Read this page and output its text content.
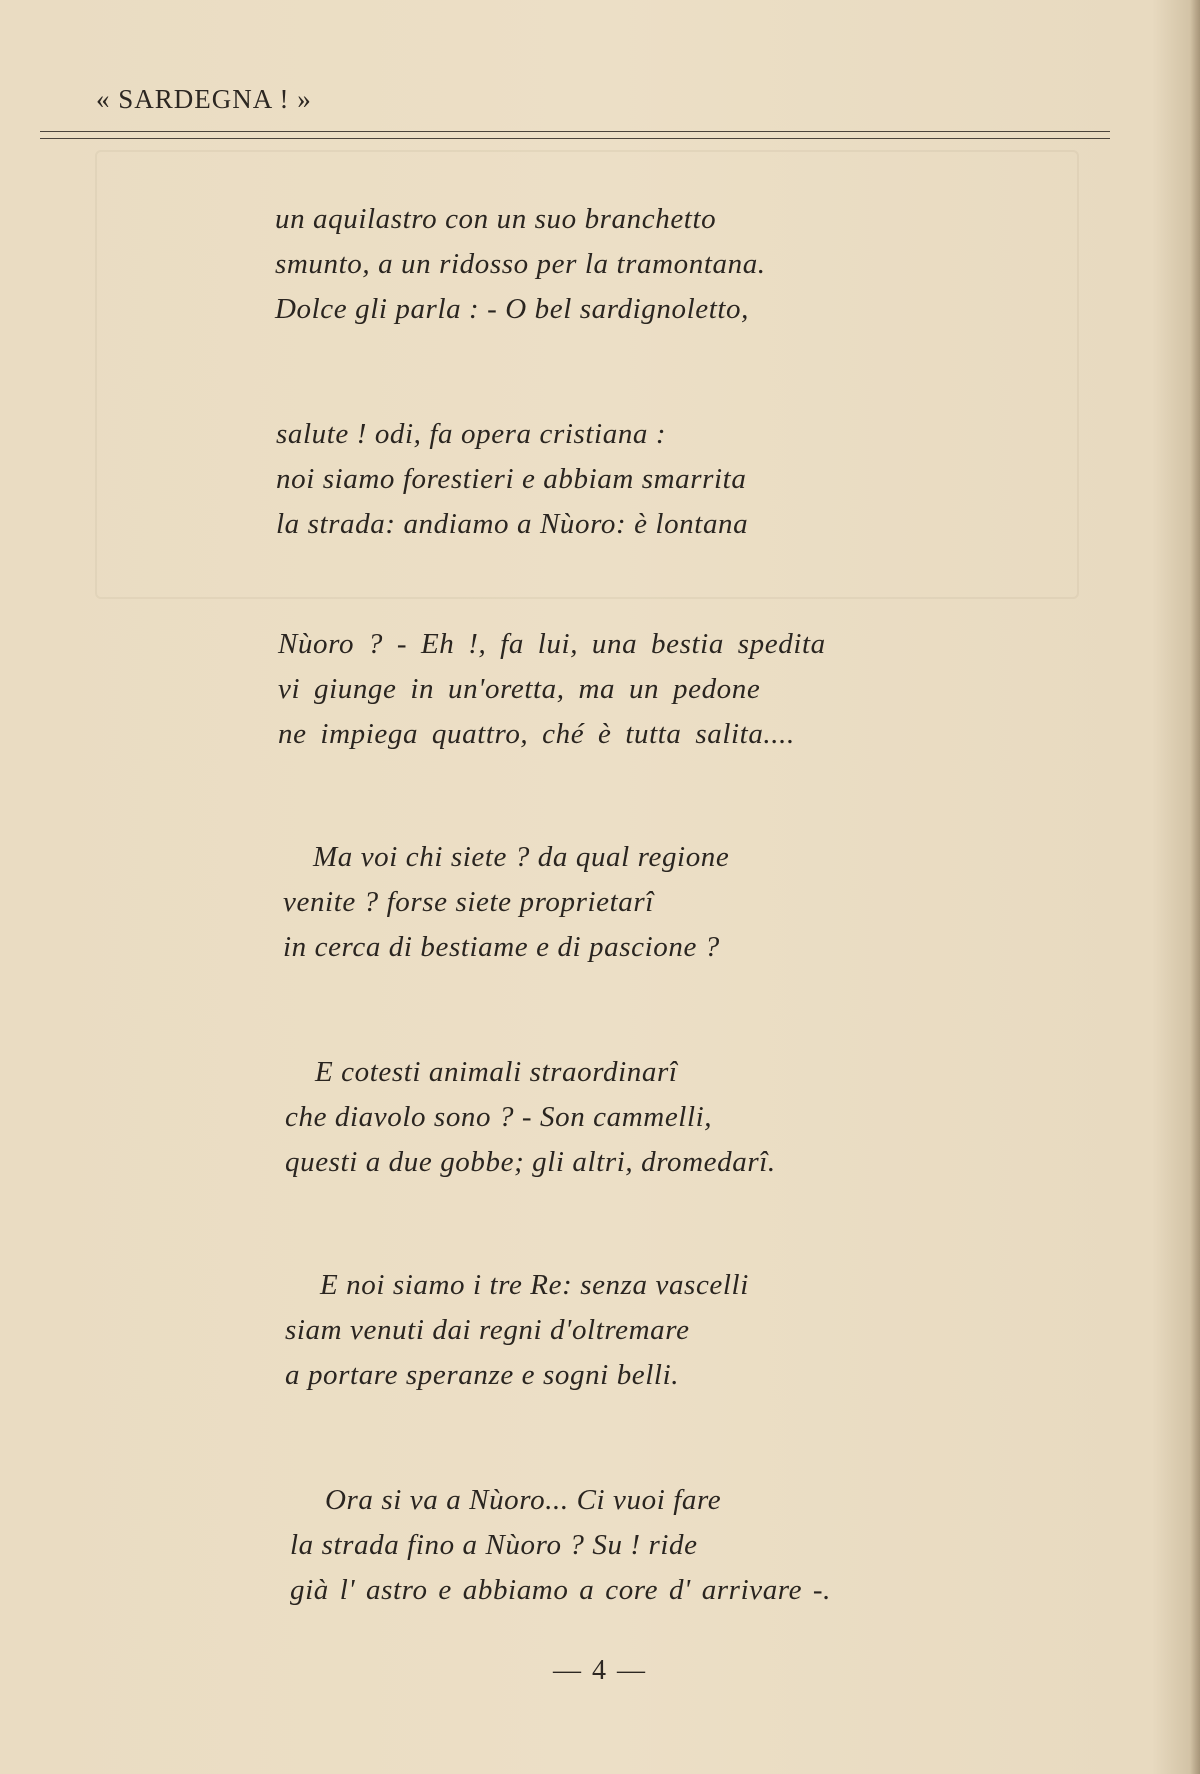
« SARDEGNA ! »
un aquilastro con un suo branchetto
smunto, a un ridosso per la tramontana.
Dolce gli parla : - O bel sardignoletto,
salute ! odi, fa opera cristiana :
noi siamo forestieri e abbiam smarrita
la strada: andiamo a Nùoro: è lontana
Nùoro ? - Eh !, fa lui, una bestia spedita
vi giunge in un'oretta, ma un pedone
ne impiega quattro, ché è tutta salita....
Ma voi chi siete ? da qual regione
venite ? forse siete proprietarî
in cerca di bestiame e di pascione ?
E cotesti animali straordinarî
che diavolo sono ? - Son cammelli,
questi a due gobbe; gli altri, dromedarî.
E noi siamo i tre Re: senza vascelli
siam venuti dai regni d'oltremare
a portare speranze e sogni belli.
Ora si va a Nùoro... Ci vuoi fare
la strada fino a Nùoro ? Su ! ride
già l' astro e abbiamo a core d' arrivare -.
— 4 —
